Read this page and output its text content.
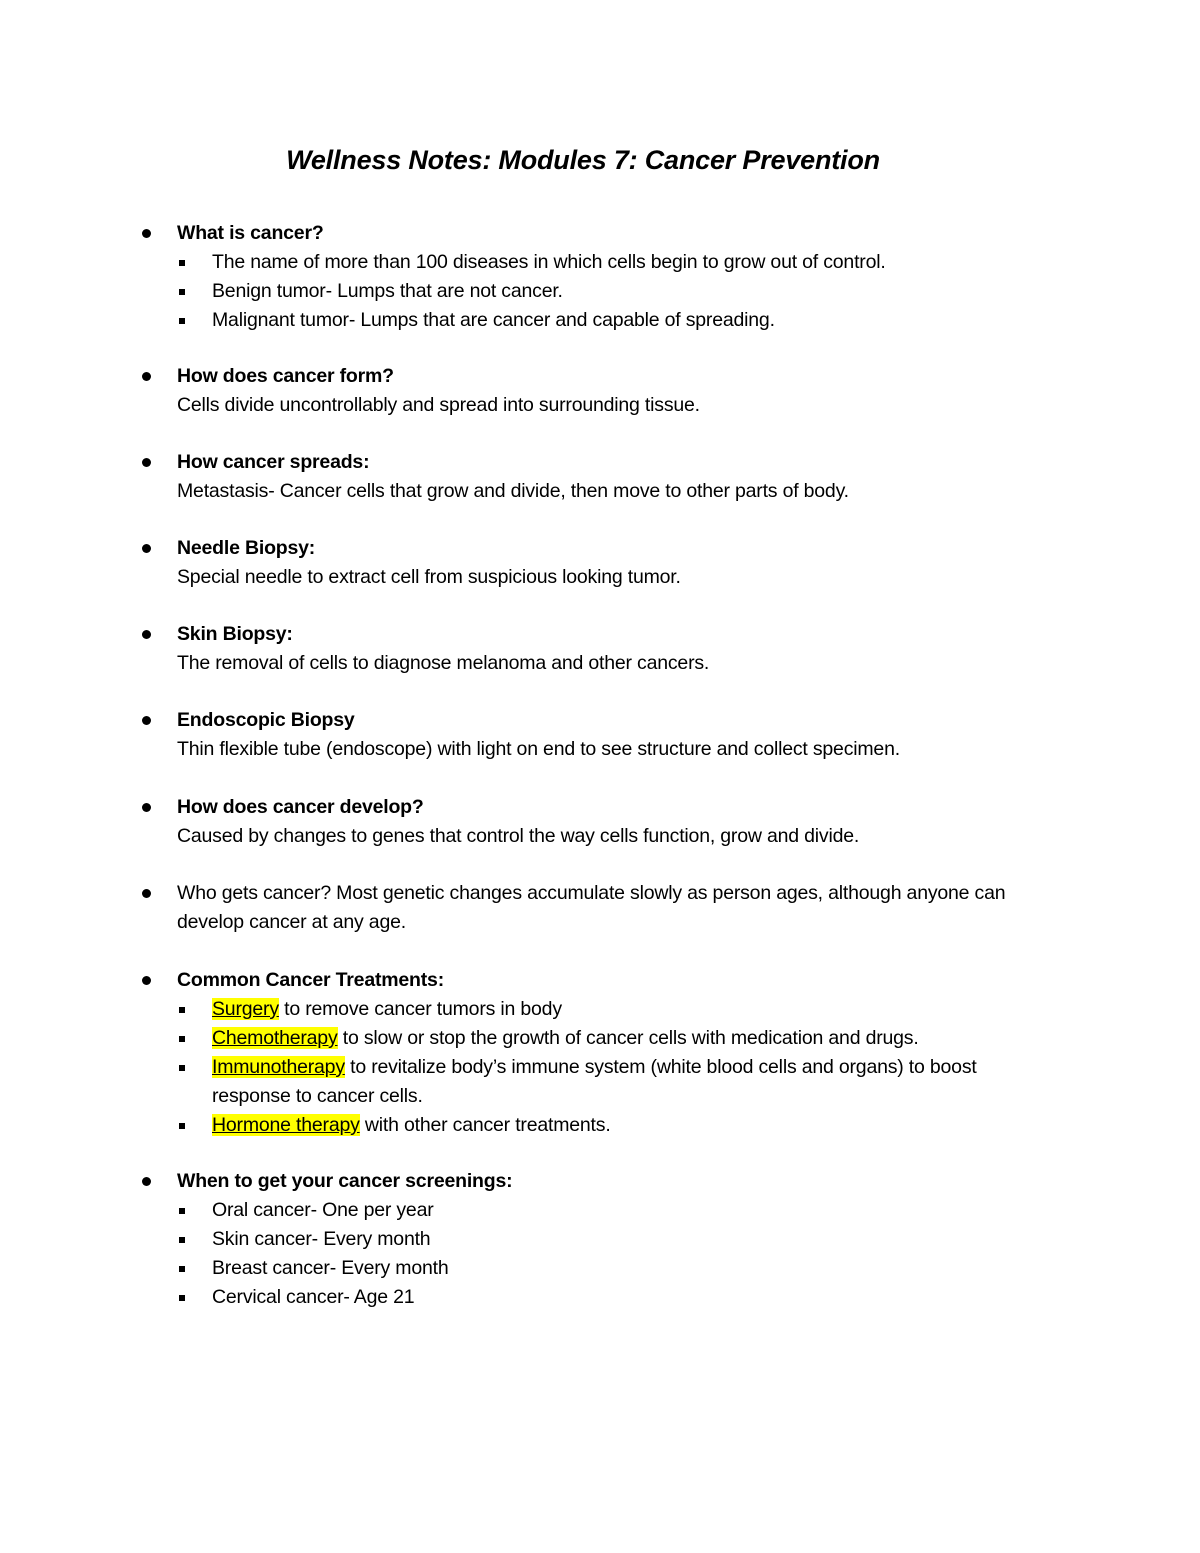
Wellness Notes: Modules 7: Cancer Prevention
What is cancer?
The name of more than 100 diseases in which cells begin to grow out of control.
Benign tumor- Lumps that are not cancer.
Malignant tumor- Lumps that are cancer and capable of spreading.
How does cancer form?
Cells divide uncontrollably and spread into surrounding tissue.
How cancer spreads:
Metastasis- Cancer cells that grow and divide, then move to other parts of body.
Needle Biopsy:
Special needle to extract cell from suspicious looking tumor.
Skin Biopsy:
The removal of cells to diagnose melanoma and other cancers.
Endoscopic Biopsy
Thin flexible tube (endoscope) with light on end to see structure and collect specimen.
How does cancer develop?
Caused by changes to genes that control the way cells function, grow and divide.
Who gets cancer? Most genetic changes accumulate slowly as person ages, although anyone can develop cancer at any age.
Common Cancer Treatments:
Surgery to remove cancer tumors in body
Chemotherapy to slow or stop the growth of cancer cells with medication and drugs.
Immunotherapy to revitalize body’s immune system (white blood cells and organs) to boost response to cancer cells.
Hormone therapy with other cancer treatments.
When to get your cancer screenings:
Oral cancer- One per year
Skin cancer- Every month
Breast cancer- Every month
Cervical cancer- Age 21
